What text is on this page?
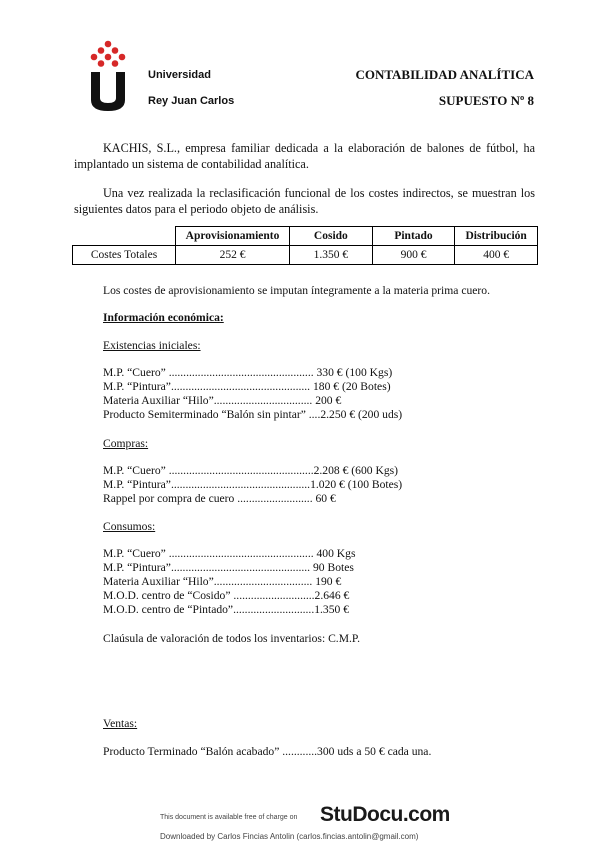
Universidad
Rey Juan Carlos
CONTABILIDAD ANALÍTICA
SUPUESTO Nº 8
KACHIS, S.L., empresa familiar dedicada a la elaboración de balones de fútbol, ha implantado un sistema de contabilidad analítica.
Una vez realizada la reclasificación funcional de los costes indirectos, se muestran los siguientes datos para el periodo objeto de análisis.
	Aprovisionamiento	Cosido	Pintado	Distribución
Costes Totales	252 €	1.350 €	900 €	400 €
Los costes de aprovisionamiento se imputan íntegramente a la materia prima cuero.
Información económica:
Existencias iniciales:
M.P. “Cuero” .................................................. 330 € (100 Kgs)
M.P. “Pintura”................................................ 180 € (20 Botes)
Materia Auxiliar “Hilo”.................................. 200 €
Producto Semiterminado “Balón sin pintar” ....2.250 € (200 uds)
Compras:
M.P. “Cuero” ..................................................2.208 € (600 Kgs)
M.P. “Pintura”................................................1.020 € (100 Botes)
Rappel por compra de cuero .......................... 60 €
Consumos:
M.P. “Cuero” .................................................. 400 Kgs
M.P. “Pintura”................................................ 90 Botes
Materia Auxiliar “Hilo”.................................. 190 €
M.O.D. centro de “Cosido” ............................2.646 €
M.O.D. centro de “Pintado”............................1.350 €
Claúsula de valoración de todos los inventarios: C.M.P.
Ventas:
Producto Terminado “Balón acabado” ............300 uds a 50 € cada una.
This document is available free of charge on StuDocu.com
Downloaded by Carlos Fincias Antolin (carlos.fincias.antolin@gmail.com)
